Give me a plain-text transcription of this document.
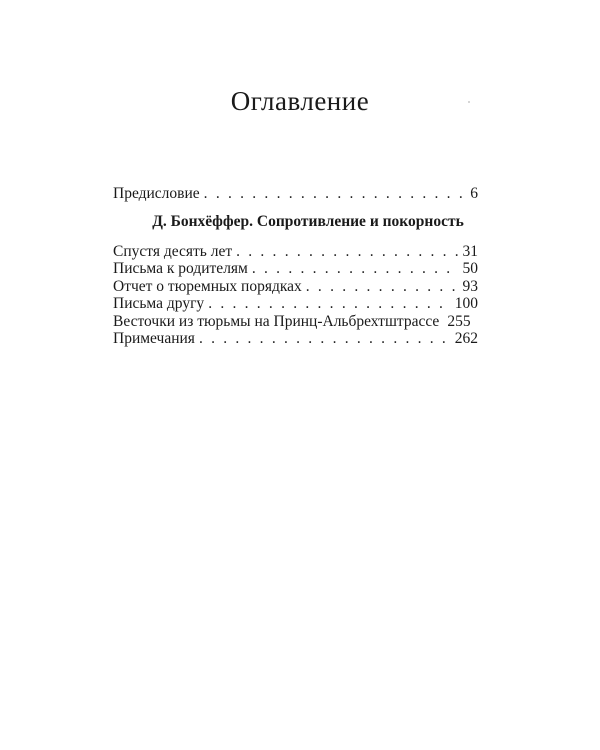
Оглавление
Предисловие . . .	6
Д. Бонхёффер. Сопротивление и покорность
Спустя десять лет . . .	31
Письма к родителям . . .	50
Отчет о тюремных порядках . . .	93
Письма другу . . .	100
Весточки из тюрьмы на Принц-Альбрехтштрассе 255
Примечания . . .	262
